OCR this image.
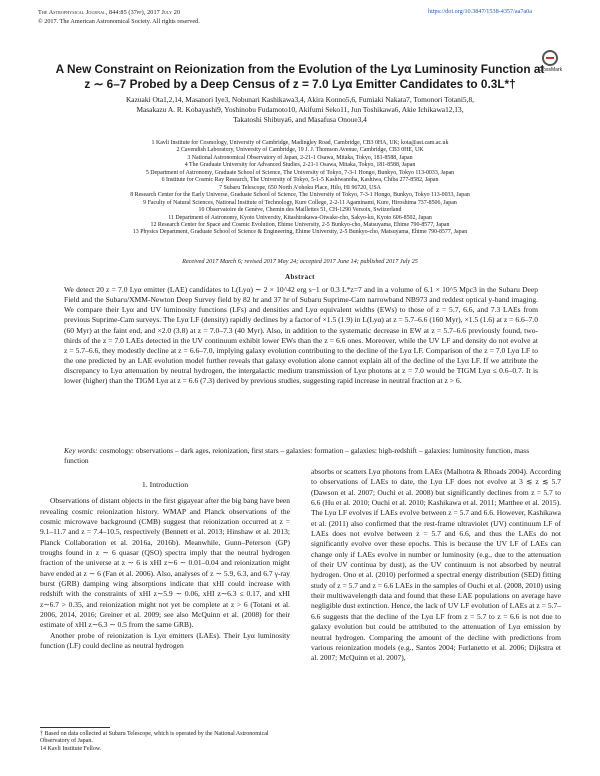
The Astrophysical Journal, 844:85 (37pp), 2017 July 20
© 2017. The American Astronomical Society. All rights reserved.
https://doi.org/10.3847/1538-4357/aa7a0a
CrossMark
A New Constraint on Reionization from the Evolution of the Lyα Luminosity Function at
z ∼ 6–7 Probed by a Deep Census of z = 7.0 Lyα Emitter Candidates to 0.3L*†
Kazuaki Ota1,2,14, Masanori Iye3, Nobunari Kashikawa3,4, Akira Konno5,6, Fumiaki Nakata7, Tomonori Totani5,8,
Masakazu A. R. Kobayashi9, Yoshinobu Fudamoto10, Akifumi Seko11, Jun Toshikawa6, Akie Ichikawa12,13,
Takatoshi Shibuya6, and Masafusa Onoue3,4
1 Kavli Institute for Cosmology, University of Cambridge, Madingley Road, Cambridge, CB3 0HA, UK; kota@ast.cam.ac.uk
2 Cavendish Laboratory, University of Cambridge, 19 J. J. Thomson Avenue, Cambridge, CB3 0HE, UK
3 National Astronomical Observatory of Japan, 2-21-1 Osawa, Mitaka, Tokyo, 181-8588, Japan
4 The Graduate University for Advanced Studies, 2-21-1 Osawa, Mitaka, Tokyo, 181-8588, Japan
5 Department of Astronomy, Graduate School of Science, The University of Tokyo, 7-3-1 Hongo, Bunkyo, Tokyo 113-0033, Japan
6 Institute for Cosmic Ray Research, The University of Tokyo, 5-1-5 Kashiwanoha, Kashiwa, Chiba 277-8582, Japan
7 Subaru Telescope, 650 North A'ohoku Place, Hilo, HI 96720, USA
8 Research Center for the Early Universe, Graduate School of Science, The University of Tokyo, 7-3-1 Hongo, Bunkyo, Tokyo 113-0033, Japan
9 Faculty of Natural Sciences, National Institute of Technology, Kure College, 2-2-11 Agaminami, Kure, Hiroshima 737-8506, Japan
10 Observatoire de Genève, Chemin des Maillettes 51, CH-1290 Versoix, Switzerland
11 Department of Astronomy, Kyoto University, Kitashirakawa-Oiwake-cho, Sakyo-ku, Kyoto 606-8502, Japan
12 Research Center for Space and Cosmic Evolution, Ehime University, 2-5 Bunkyo-cho, Matsuyama, Ehime 790-8577, Japan
13 Physics Department, Graduate School of Science & Engineering, Ehime University, 2-5 Bunkyo-cho, Matsuyama, Ehime 790-8577, Japan
Received 2017 March 6; revised 2017 May 24; accepted 2017 June 14; published 2017 July 25
Abstract
We detect 20 z = 7.0 Lyα emitter (LAE) candidates to L(Lyα) ∼ 2 × 10^42 erg s−1 or 0.3 L*z=7 and in a volume of 6.1 × 10^5 Mpc3 in the Subaru Deep Field and the Subaru/XMM-Newton Deep Survey field by 82 hr and 37 hr of Subaru Suprime-Cam narrowband NB973 and reddest optical y-band imaging. We compare their Lyα and UV luminosity functions (LFs) and densities and Lyα equivalent widths (EWs) to those of z = 5.7, 6.6, and 7.3 LAEs from previous Suprime-Cam surveys. The Lyα LF (density) rapidly declines by a factor of ×1.5 (1.9) in L(Lyα) at z = 5.7–6.6 (160 Myr), ×1.5 (1.6) at z = 6.6–7.0 (60 Myr) at the faint end, and ×2.0 (3.8) at z = 7.0–7.3 (40 Myr). Also, in addition to the systematic decrease in EW at z = 5.7–6.6 previously found, two-thirds of the z = 7.0 LAEs detected in the UV continuum exhibit lower EWs than the z = 6.6 ones. Moreover, while the UV LF and density do not evolve at z = 5.7–6.6, they modestly decline at z = 6.6–7.0, implying galaxy evolution contributing to the decline of the Lyα LF. Comparison of the z = 7.0 Lyα LF to the one predicted by an LAE evolution model further reveals that galaxy evolution alone cannot explain all of the decline of the Lyα LF. If we attribute the discrepancy to Lyα attenuation by neutral hydrogen, the intergalactic medium transmission of Lyα photons at z = 7.0 would be TIGM Lyα ≤ 0.6–0.7. It is lower (higher) than the TIGM Lyα at z = 6.6 (7.3) derived by previous studies, suggesting rapid increase in neutral fraction at z > 6.
Key words: cosmology: observations – dark ages, reionization, first stars – galaxies: formation – galaxies: high-redshift – galaxies: luminosity function, mass function
1. Introduction

Observations of distant objects in the first gigayear after the big bang have been revealing cosmic reionization history. WMAP and Planck observations of the cosmic microwave background (CMB) suggest that reionization occurred at z = 9.1–11.7 and z = 7.4–10.5, respectively (Bennett et al. 2013; Hinshaw et al. 2013; Planck Collaboration et al. 2016a, 2016b). Meanwhile, Gunn–Peterson (GP) troughs found in z ∼ 6 quasar (QSO) spectra imply that the neutral hydrogen fraction of the universe at z ∼ 6 is xHI z∼6 ∼ 0.01–0.04 and reionization might have ended at z ∼ 6 (Fan et al. 2006). Also, analyses of z ∼ 5.9, 6.3, and 6.7 γ-ray burst (GRB) damping wing absorptions indicate that xHI could increase with redshift with the constraints of xHI z∼5.9 ∼ 0.06, xHI z∼6.3 ≤ 0.17, and xHI z∼6.7 > 0.35, and reionization might not yet be complete at z > 6 (Totani et al. 2006, 2014, 2016; Greiner et al. 2009; see also McQuinn et al. (2008) for their estimate of xHI z∼6.3 ∼ 0.5 from the same GRB).

Another probe of reionization is Lyα emitters (LAEs). Their Lyα luminosity function (LF) could decline as neutral hydrogen

absorbs or scatters Lyα photons from LAEs (Malhotra & Rhoads 2004). According to observations of LAEs to date, the Lyα LF does not evolve at 3 ≲ z ≲ 5.7 (Dawson et al. 2007; Ouchi et al. 2008) but significantly declines from z = 5.7 to 6.6 (Hu et al. 2010; Ouchi et al. 2010; Kashikawa et al. 2011; Matthee et al. 2015). The Lyα LF evolves if LAEs evolve between z = 5.7 and 6.6. However, Kashikawa et al. (2011) also confirmed that the rest-frame ultraviolet (UV) continuum LF of LAEs does not evolve between z = 5.7 and 6.6, and thus the LAEs do not significantly evolve over these epochs. This is because the UV LF of LAEs can change only if LAEs evolve in number or luminosity (e.g., due to the attenuation of their UV continua by dust), as the UV continuum is not absorbed by neutral hydrogen. Ono et al. (2010) performed a spectral energy distribution (SED) fitting study of z = 5.7 and z = 6.6 LAEs in the samples of Ouchi et al. (2008, 2010) using their multiwavelength data and found that these LAE populations on average have negligible dust extinction. Hence, the lack of UV LF evolution of LAEs at z = 5.7–6.6 suggests that the decline of the Lyα LF from z = 5.7 to z = 6.6 is not due to galaxy evolution but could be attributed to the attenuation of Lyα emission by neutral hydrogen. Comparing the amount of the decline with predictions from various reionization models (e.g., Santos 2004; Furlanetto et al. 2006; Dijkstra et al. 2007; McQuinn et al. 2007),

† Based on data collected at Subaru Telescope, which is operated by the National Astronomical Observatory of Japan.
14 Kavli Institute Fellow.
